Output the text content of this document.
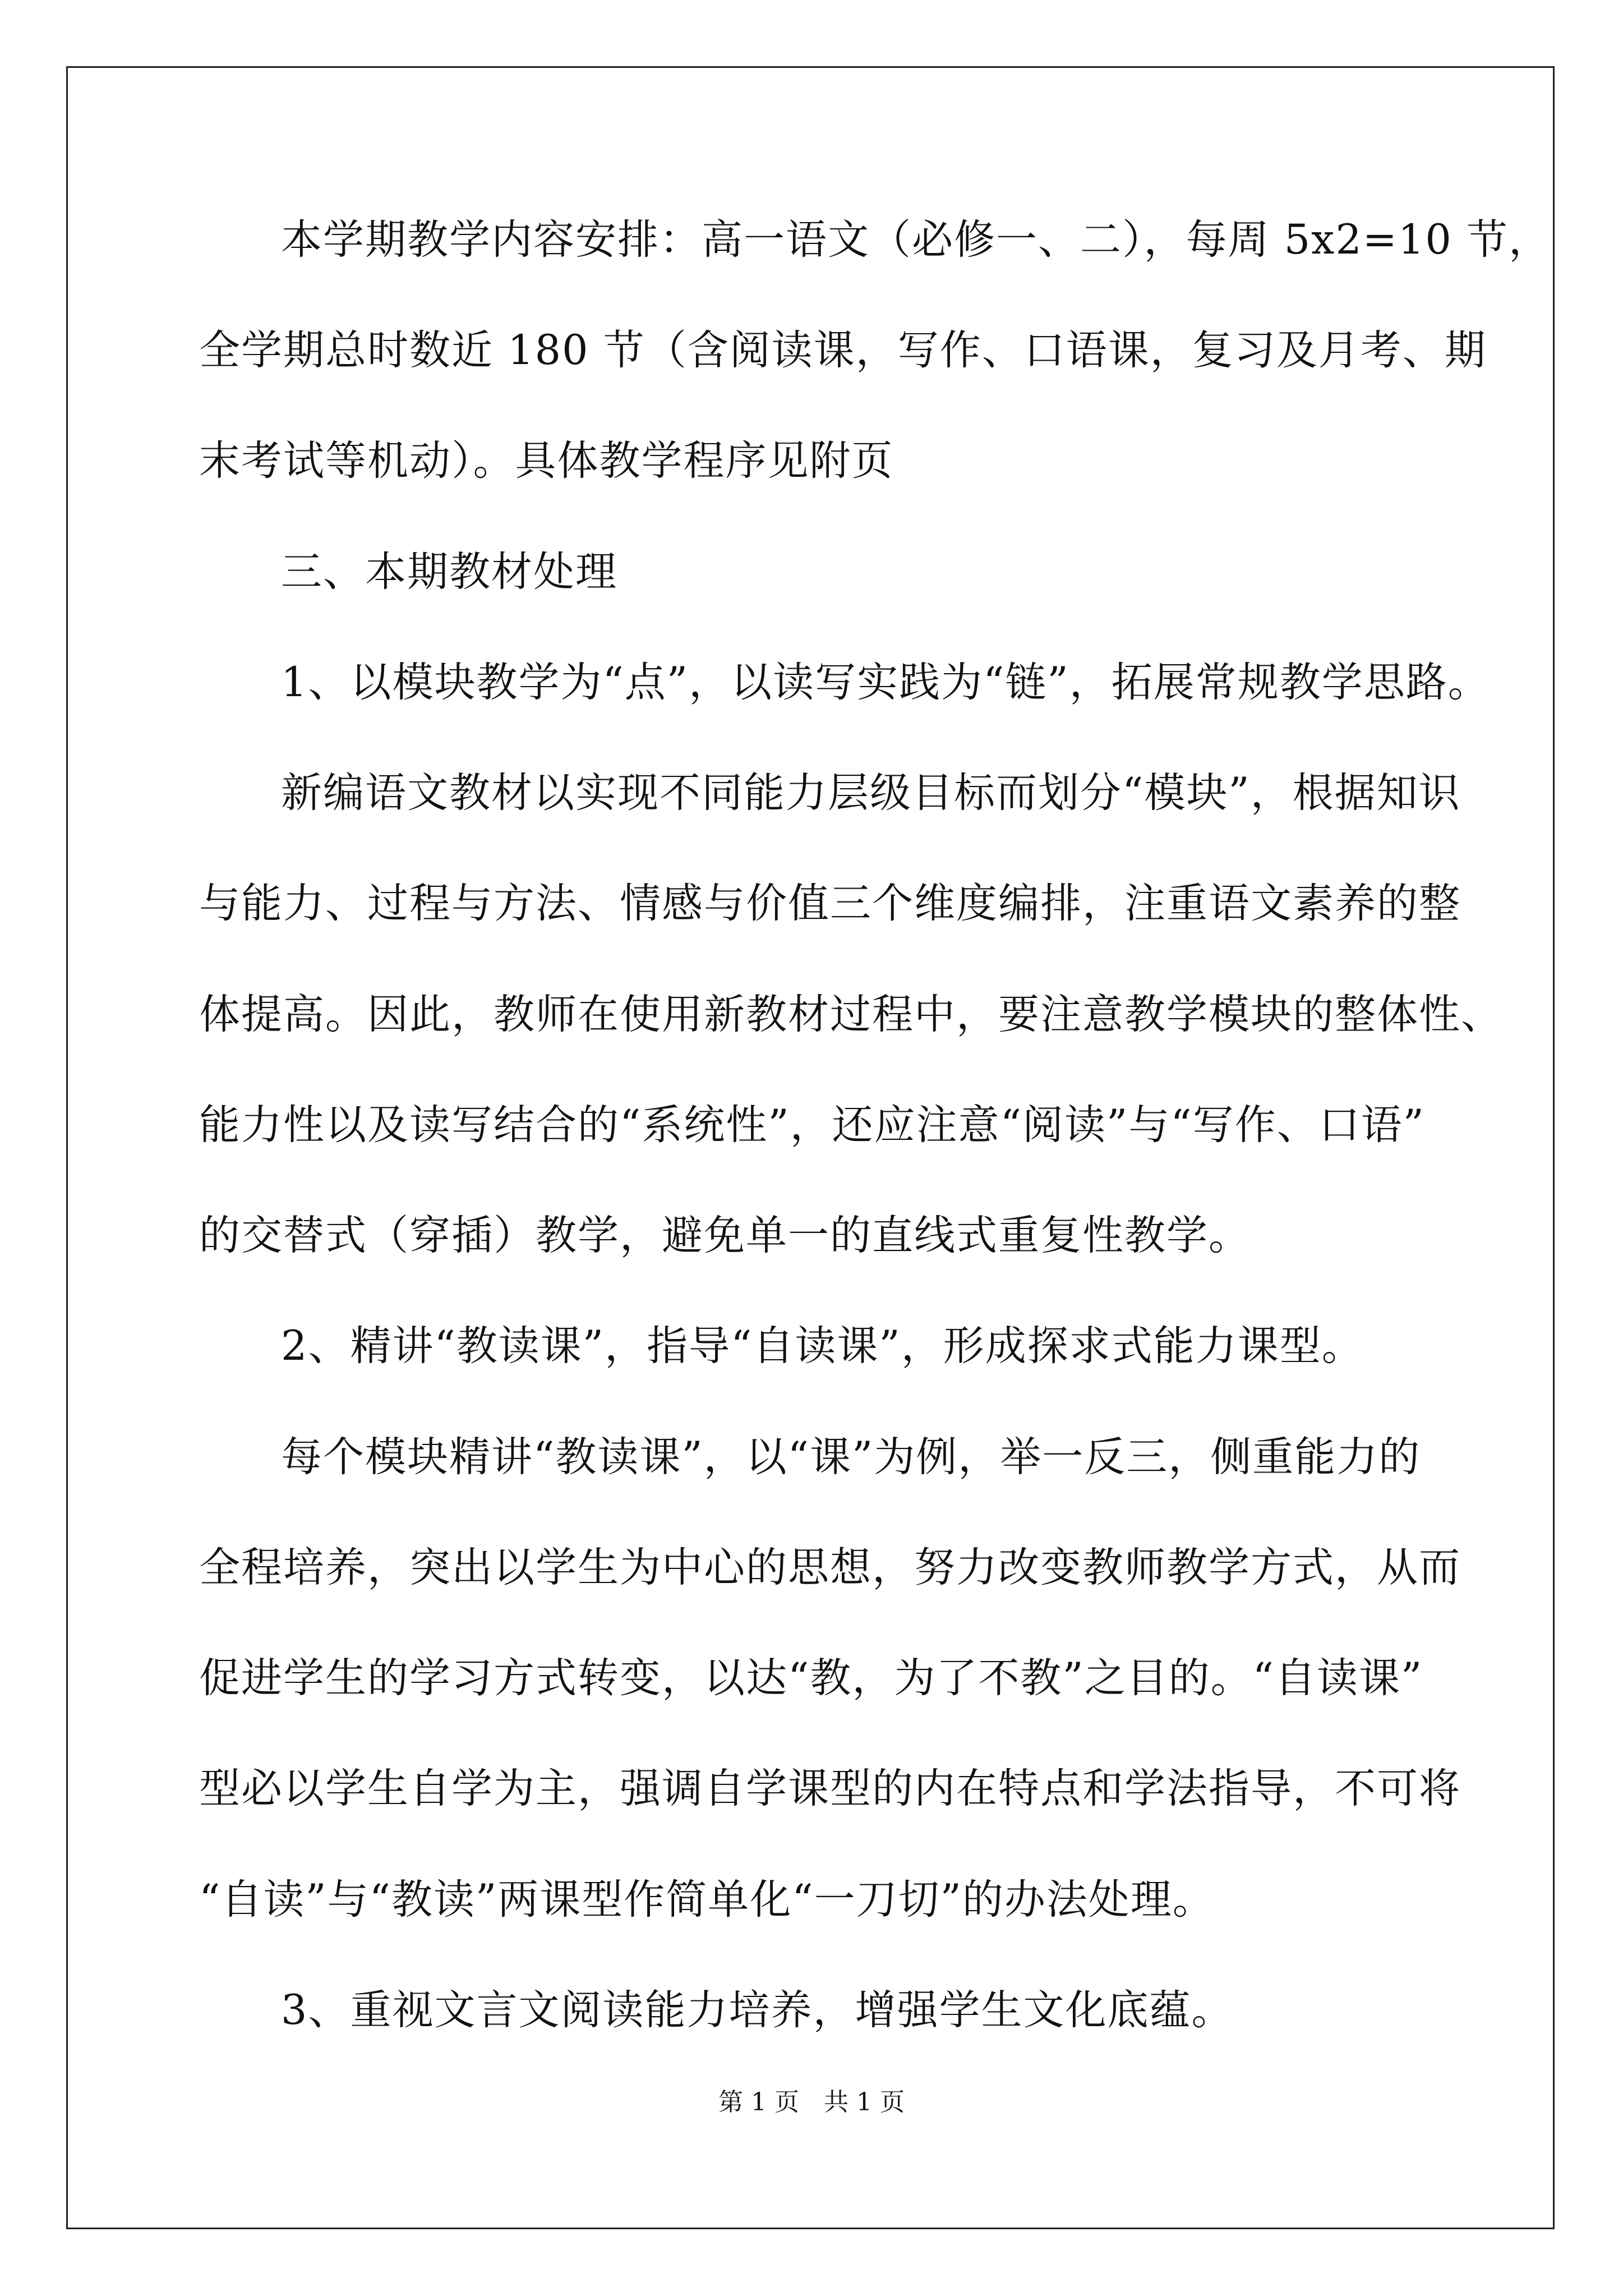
本学期教学内容安排：高一语文（必修一、二），每周 5x2=10 节，
全学期总时数近 180 节（含阅读课，写作、口语课，复习及月考、期
末考试等机动）。具体教学程序见附页
三、本期教材处理
1、以模块教学为“点”，以读写实践为“链”，拓展常规教学思路。
新编语文教材以实现不同能力层级目标而划分“模块”，根据知识
与能力、过程与方法、情感与价值三个维度编排，注重语文素养的整
体提高。因此，教师在使用新教材过程中，要注意教学模块的整体性、
能力性以及读写结合的“系统性”，还应注意“阅读”与“写作、口语”
的交替式（穿插）教学，避免单一的直线式重复性教学。
2、精讲“教读课”，指导“自读课”，形成探求式能力课型。
每个模块精讲“教读课”，以“课”为例，举一反三，侧重能力的
全程培养，突出以学生为中心的思想，努力改变教师教学方式，从而
促进学生的学习方式转变，以达“教，为了不教”之目的。“自读课”
型必以学生自学为主，强调自学课型的内在特点和学法指导，不可将
“自读”与“教读”两课型作简单化“一刀切”的办法处理。
3、重视文言文阅读能力培养，增强学生文化底蕴。
第 1 页　共 1 页
